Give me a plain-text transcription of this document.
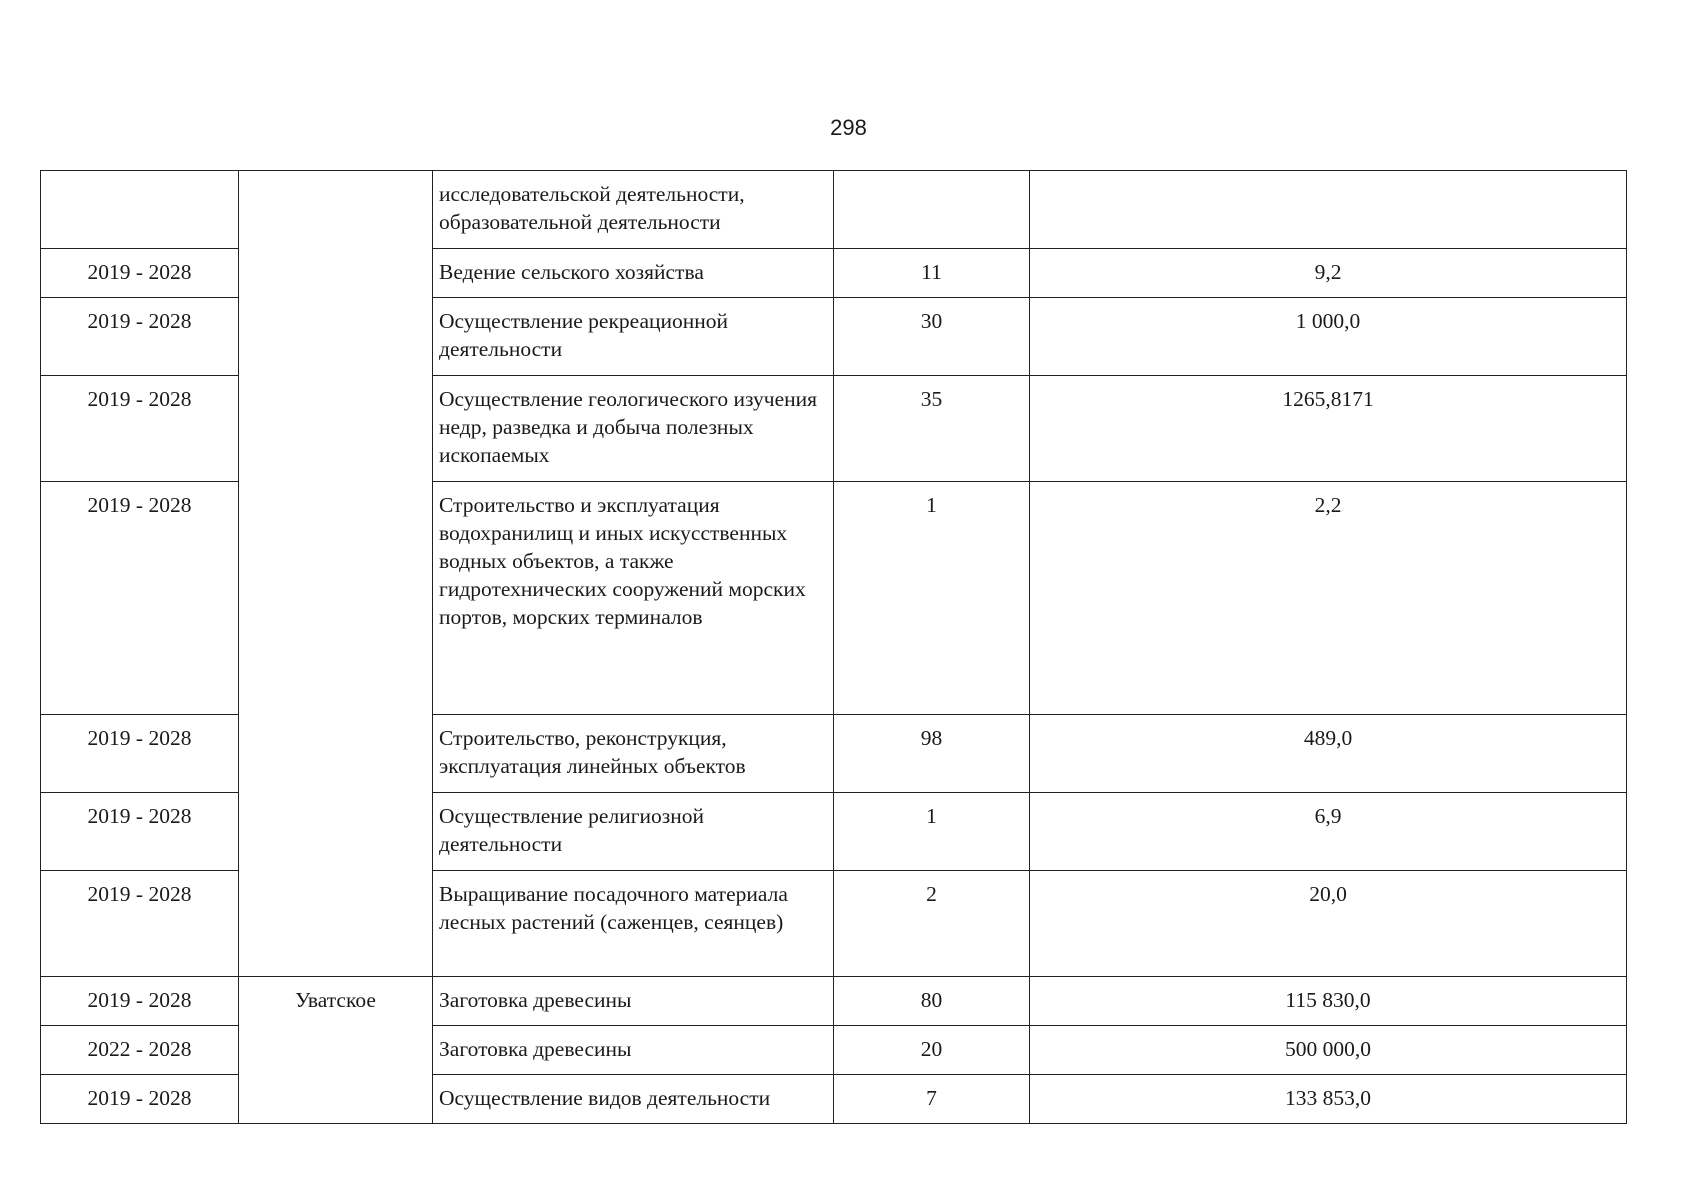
298
		исследовательской деятельности, образовательной деятельности		
2019 - 2028		Ведение сельского хозяйства	11	9,2
2019 - 2028		Осуществление рекреационной деятельности	30	1 000,0
2019 - 2028		Осуществление геологического изучения недр, разведка и добыча полезных ископаемых	35	1265,8171
2019 - 2028		Строительство и эксплуатация водохранилищ и иных искусственных водных объектов, а также гидротехнических сооружений морских портов, морских терминалов	1	2,2
2019 - 2028		Строительство, реконструкция, эксплуатация линейных объектов	98	489,0
2019 - 2028		Осуществление религиозной деятельности	1	6,9
2019 - 2028		Выращивание посадочного материала лесных растений (саженцев, сеянцев)	2	20,0
2019 - 2028	Уватское	Заготовка древесины	80	115 830,0
2022 - 2028		Заготовка древесины	20	500 000,0
2019 - 2028		Осуществление видов деятельности	7	133 853,0
